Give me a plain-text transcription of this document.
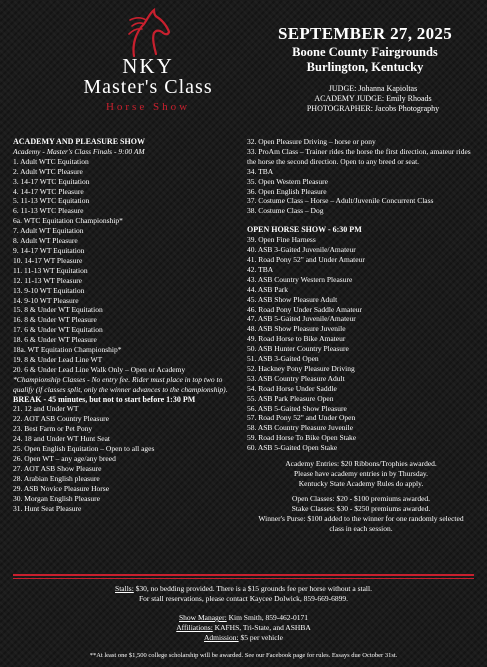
NKY
Master's Class
Horse Show
SEPTEMBER 27, 2025
Boone County Fairgrounds
Burlington, Kentucky
JUDGE: Johanna Kapioltas
ACADEMY JUDGE: Emily Rhoads
PHOTOGRAPHER: Jacobs Photography
ACADEMY AND PLEASURE SHOW
Academy - Master's Class Finals - 9:00 AM
1. Adult WTC Equitation
2. Adult WTC Pleasure
3. 14-17 WTC Equitation
4. 14-17 WTC Pleasure
5. 11-13 WTC Equitation
6. 11-13 WTC Pleasure
6a. WTC Equitation Championship*
7. Adult WT Equitation
8. Adult WT Pleasure
9. 14-17 WT Equitation
10. 14-17 WT Pleasure
11. 11-13 WT Equitation
12. 11-13 WT Pleasure
13. 9-10 WT Equitation
14. 9-10 WT Pleasure
15. 8 & Under WT Equitation
16. 8 & Under WT Pleasure
17. 6 & Under WT Equitation
18. 6 & Under WT Pleasure
18a. WT Equitation Championship*
19. 8 & Under Lead Line WT
20. 6 & Under Lead Line Walk Only – Open or Academy
*Championship Classes - No entry fee. Rider must place in top two to qualify (if classes split, only the winner advances to the championship).
BREAK - 45 minutes, but not to start before 1:30 PM
21. 12 and Under WT
22. AOT ASB Country Pleasure
23. Best Farm or Pet Pony
24. 18 and Under WT Hunt Seat
25. Open English Equitation – Open to all ages
26. Open WT – any age/any breed
27. AOT ASB Show Pleasure
28. Arabian English pleasure
29. ASB Novice Pleasure Horse
30. Morgan English Pleasure
31. Hunt Seat Pleasure
32. Open Pleasure Driving – horse or pony
33. ProAm Class – Trainer rides the horse the first direction, amateur rides the horse the second direction. Open to any breed or seat.
34. TBA
35. Open Western Pleasure
36. Open English Pleasure
37. Costume Class – Horse – Adult/Juvenile Concurrent Class
38. Costume Class – Dog
OPEN HORSE SHOW - 6:30 PM
39. Open Fine Harness
40. ASB 3-Gaited Juvenile/Amateur
41. Road Pony 52" and Under Amateur
42. TBA
43. ASB Country Western Pleasure
44. ASB Park
45. ASB Show Pleasure Adult
46. Road Pony Under Saddle Amateur
47. ASB 5-Gaited Juvenile/Amateur
48. ASB Show Pleasure Juvenile
49. Road Horse to Bike Amateur
50. ASB Hunter Country Pleasure
51. ASB 3-Gaited Open
52. Hackney Pony Pleasure Driving
53. ASB Country Pleasure Adult
54. Road Horse Under Saddle
55. ASB Park Pleasure Open
56. ASB 5-Gaited Show Pleasure
57. Road Pony 52" and Under Open
58. ASB Country Pleasure Juvenile
59. Road Horse To Bike Open Stake
60. ASB 5-Gaited Open Stake
Academy Entries: $20 Ribbons/Trophies awarded.
Please have academy entries in by Thursday.
Kentucky State Academy Rules do apply.
Open Classes: $20 - $100 premiums awarded.
Stake Classes: $30 - $250 premiums awarded.
Winner's Purse: $100 added to the winner for one randomly selected class in each session.
Stalls: $30, no bedding provided. There is a $15 grounds fee per horse without a stall.
For stall reservations, please contact Kaycee Dolwick, 859-669-6899.
Show Manager: Kim Smith, 859-462-0171
Affiliations: KAFHS, Tri-State, and ASHBA
Admission: $5 per vehicle
**At least one $1,500 college scholarship will be awarded. See our Facebook page for rules. Essays due October 31st.
